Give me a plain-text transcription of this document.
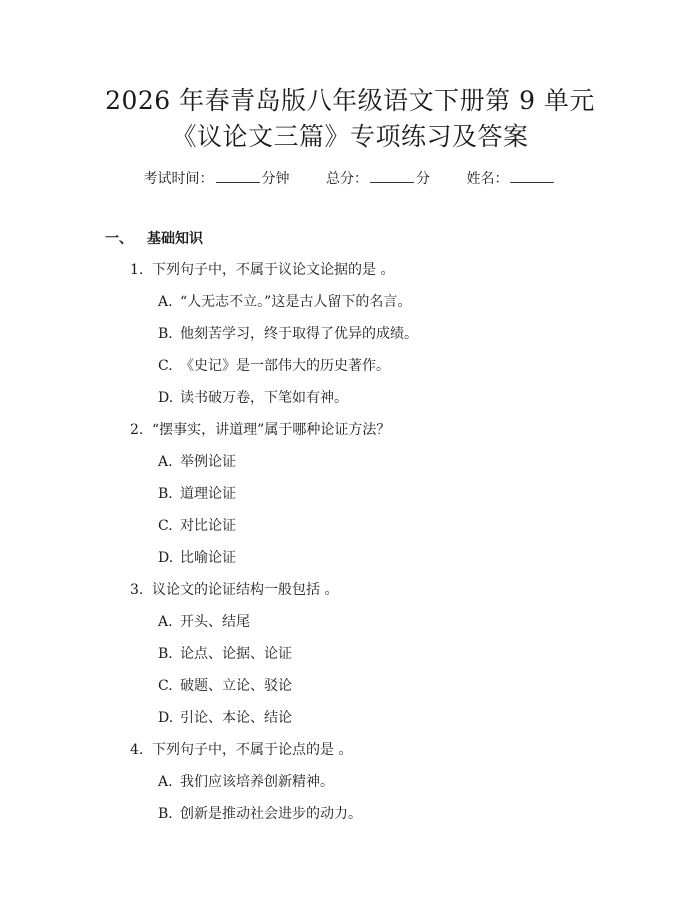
2026 年春青岛版八年级语文下册第 9 单元
《议论文三篇》专项练习及答案
考试时间：	分钟	总分：	分	姓名：
一、 基础知识
1. 下列句子中，不属于议论文论据的是 。
A. “人无志不立。”这是古人留下的名言。
B. 他刻苦学习，终于取得了优异的成绩。
C. 《史记》是一部伟大的历史著作。
D. 读书破万卷，下笔如有神。
2. “摆事实，讲道理”属于哪种论证方法？
A. 举例论证
B. 道理论证
C. 对比论证
D. 比喻论证
3. 议论文的论证结构一般包括 。
A. 开头、结尾
B. 论点、论据、论证
C. 破题、立论、驳论
D. 引论、本论、结论
4. 下列句子中，不属于论点的是 。
A. 我们应该培养创新精神。
B. 创新是推动社会进步的动力。
